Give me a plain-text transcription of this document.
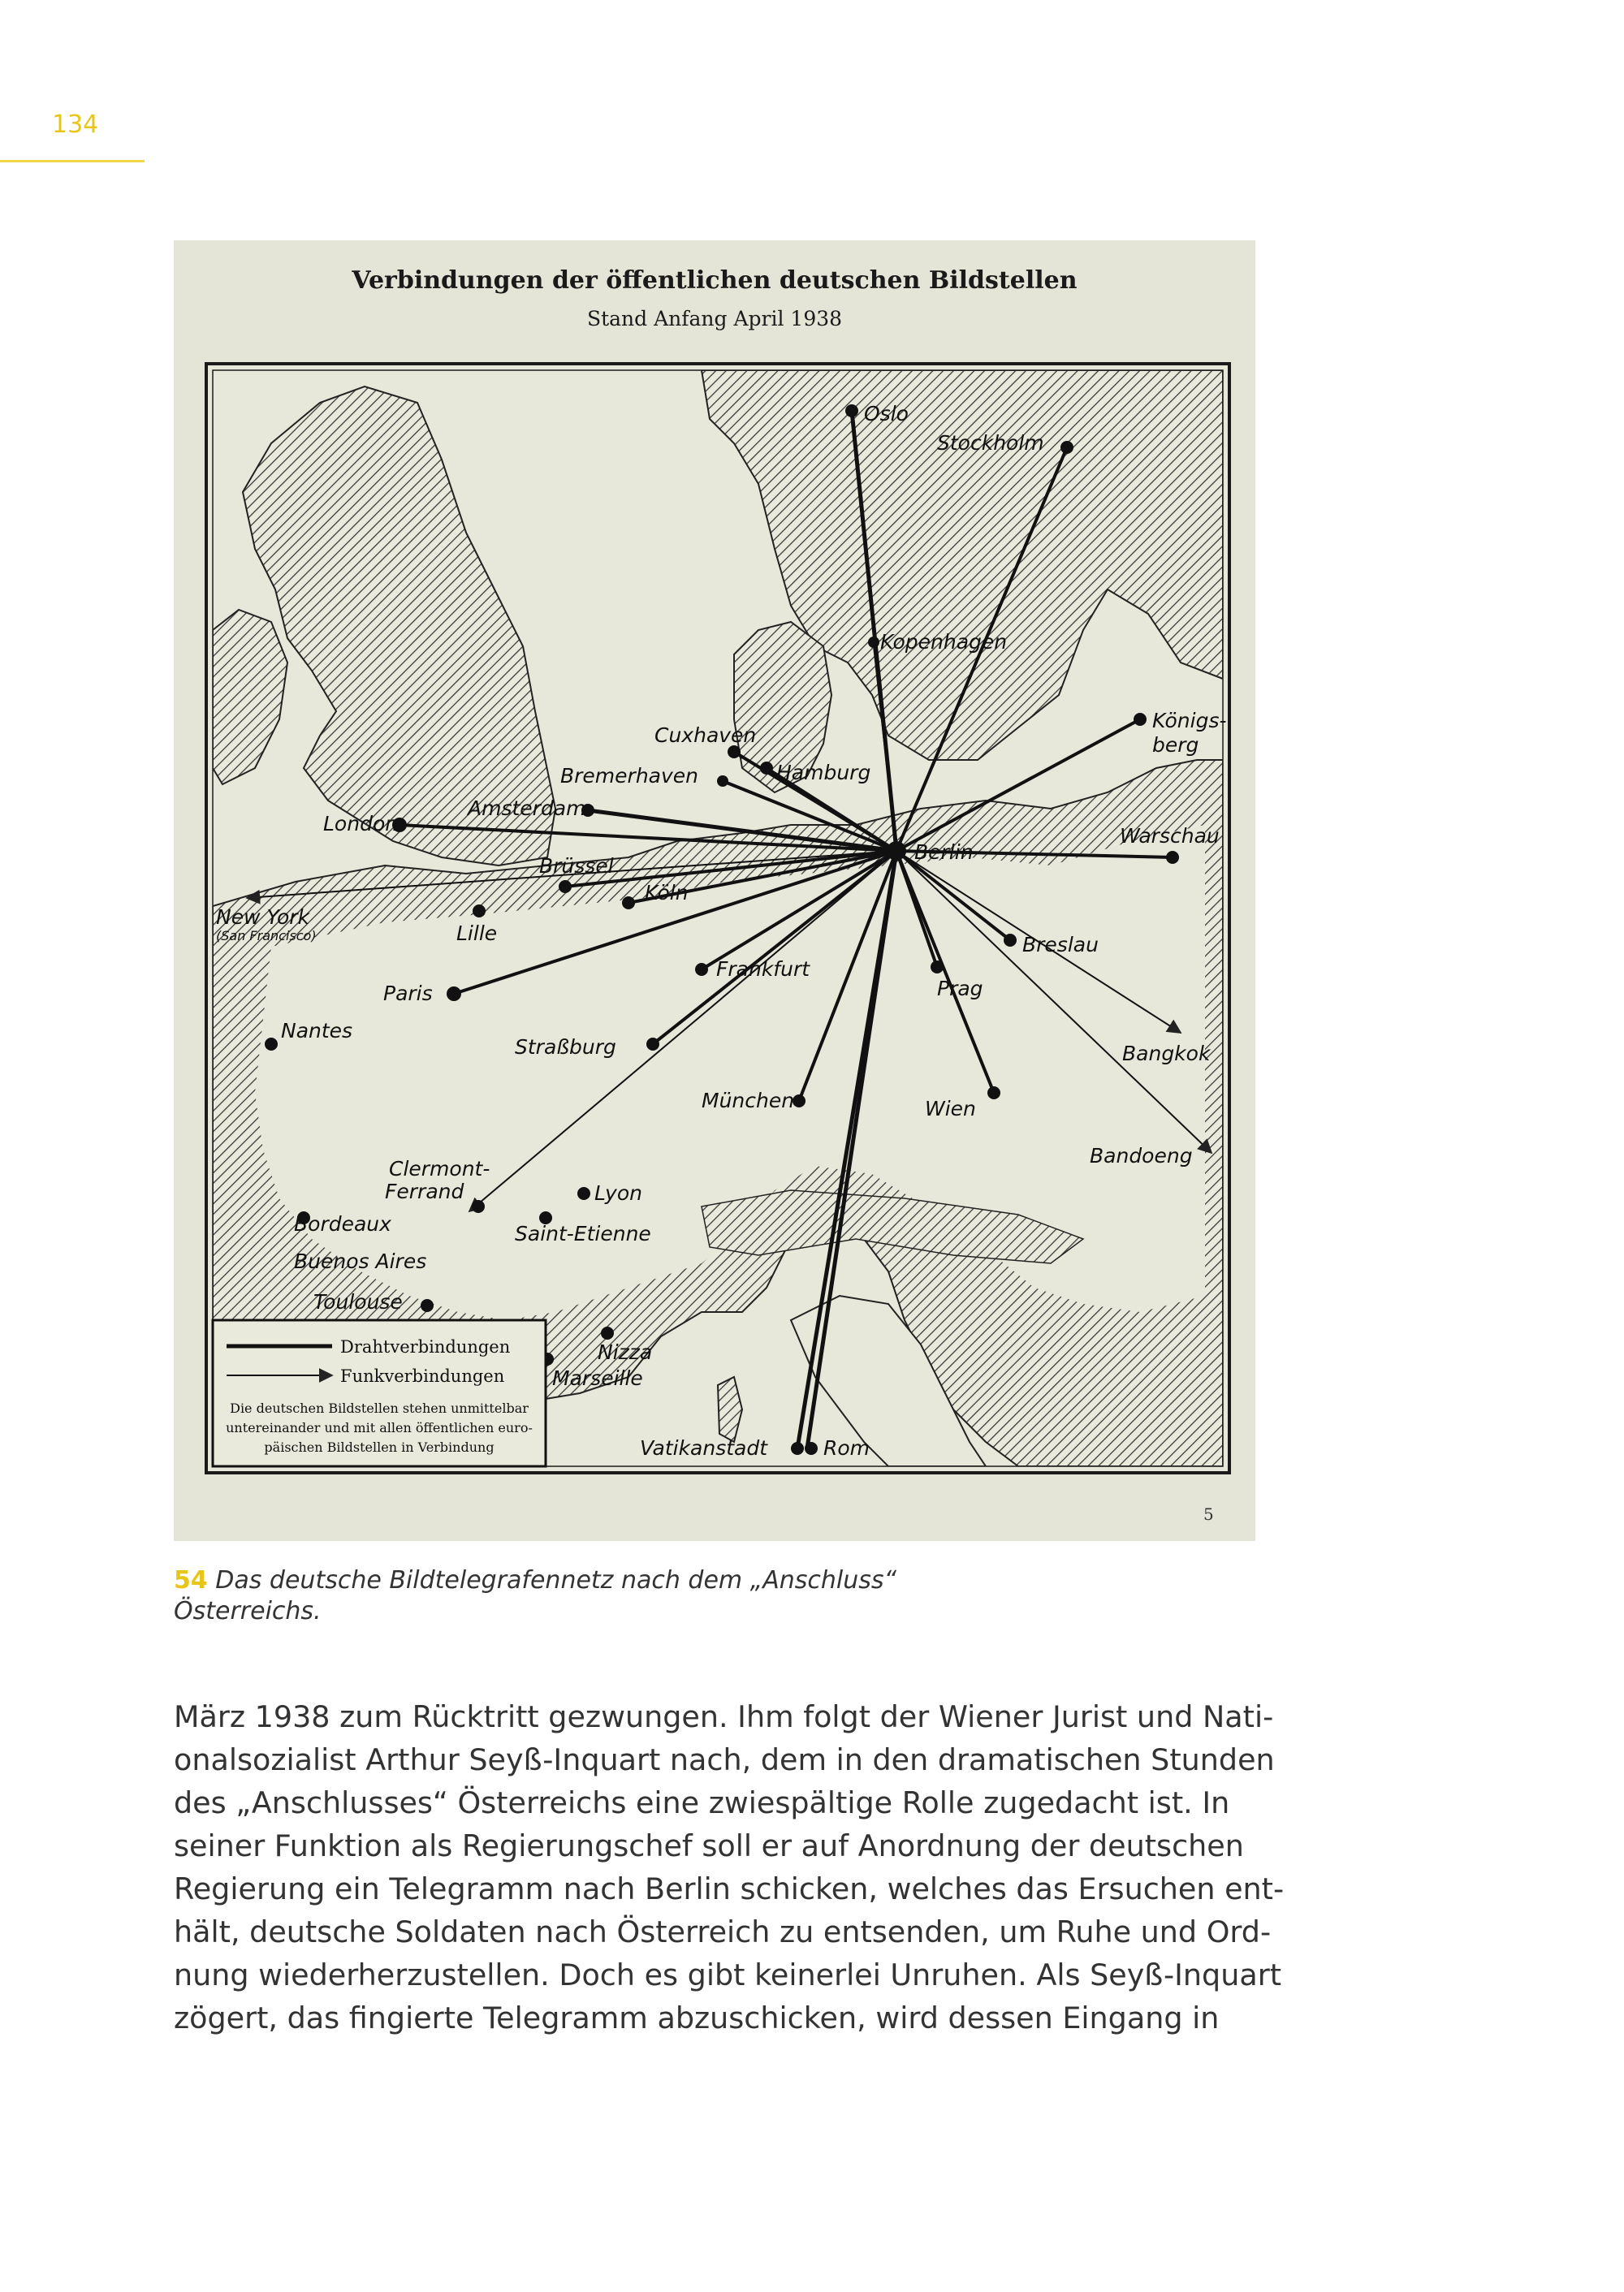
134
Verbindungen der öffentlichen deutschen Bildstellen
Stand Anfang April 1938
Oslo
Stockholm
Kopenhagen
Königs-
berg
Cuxhaven
Bremerhaven	Hamburg
Amsterdam
London
Berlin
Warschau
Brüssel
Köln
New York
(San Francisco)	Lille	Breslau
Frankfurt
Paris	Prag
Nantes
Bangkok
Straßburg
München	Wien
Bandoeng
Clermont-
Ferrand	Lyon
Bordeaux	Saint-Etienne
Buenos Aires
Toulouse
Nizza
Marseille
Vatikanstadt	Rom
Drahtverbindungen
Funkverbindungen
Die deutschen Bildstellen stehen unmittelbar
untereinander und mit allen öffentlichen euro-
päischen Bildstellen in Verbindung
5
54 Das deutsche Bildtelegrafennetz nach dem „Anschluss“
Österreichs.
März 1938 zum Rücktritt gezwungen. Ihm folgt der Wiener Jurist und Nati-
onalsozialist Arthur Seyß-Inquart nach, dem in den dramatischen Stunden
des „Anschlusses“ Österreichs eine zwiespältige Rolle zugedacht ist. In
seiner Funktion als Regierungschef soll er auf Anordnung der deutschen
Regierung ein Telegramm nach Berlin schicken, welches das Ersuchen ent-
hält, deutsche Soldaten nach Österreich zu entsenden, um Ruhe und Ord-
nung wiederherzustellen. Doch es gibt keinerlei Unruhen. Als Seyß-Inquart
zögert, das fingierte Telegramm abzuschicken, wird dessen Eingang in
